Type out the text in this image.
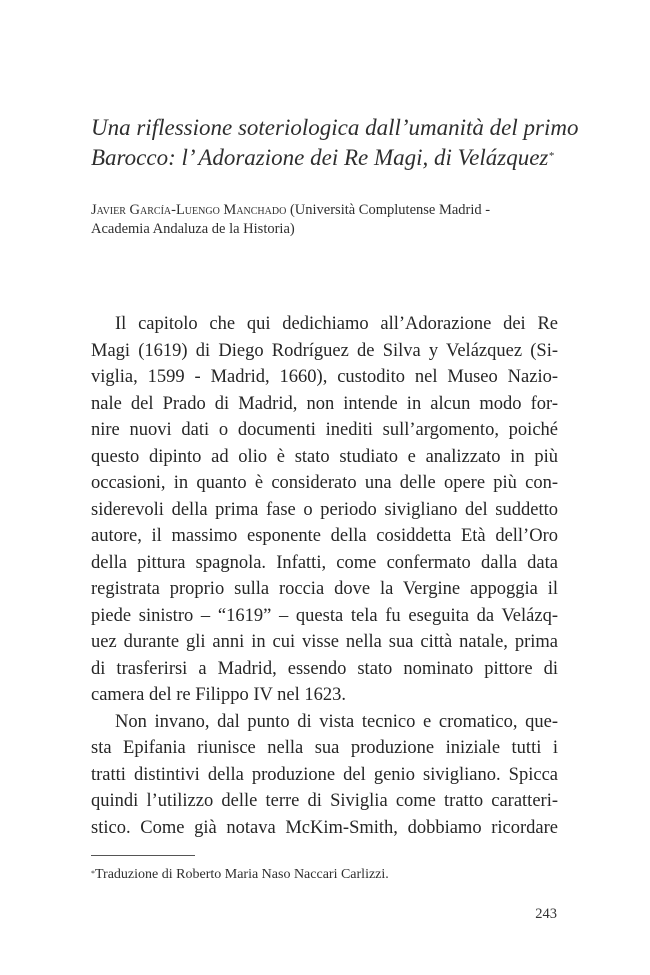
Una riflessione soteriologica dall’umanità del primo
Barocco: l’ Adorazione dei Re Magi, di Velázquez*
Javier García-Luengo Manchado (Università Complutense Madrid -
Academia Andaluza de la Historia)
Il capitolo che qui dedichiamo all’Adorazione dei Re
Magi (1619) di Diego Rodríguez de Silva y Velázquez (Si-
viglia, 1599 - Madrid, 1660), custodito nel Museo Nazio-
nale del Prado di Madrid, non intende in alcun modo for-
nire nuovi dati o documenti inediti sull’argomento, poiché
questo dipinto ad olio è stato studiato e analizzato in più
occasioni, in quanto è considerato una delle opere più con-
siderevoli della prima fase o periodo sivigliano del suddetto
autore, il massimo esponente della cosiddetta Età dell’Oro
della pittura spagnola. Infatti, come confermato dalla data
registrata proprio sulla roccia dove la Vergine appoggia il
piede sinistro – “1619” – questa tela fu eseguita da Velázq-
uez durante gli anni in cui visse nella sua città natale, prima
di trasferirsi a Madrid, essendo stato nominato pittore di
camera del re Filippo IV nel 1623.
Non invano, dal punto di vista tecnico e cromatico, que-
sta Epifania riunisce nella sua produzione iniziale tutti i
tratti distintivi della produzione del genio sivigliano. Spicca
quindi l’utilizzo delle terre di Siviglia come tratto caratteri-
stico. Come già notava McKim-Smith, dobbiamo ricordare
*Traduzione di Roberto Maria Naso Naccari Carlizzi.
243
